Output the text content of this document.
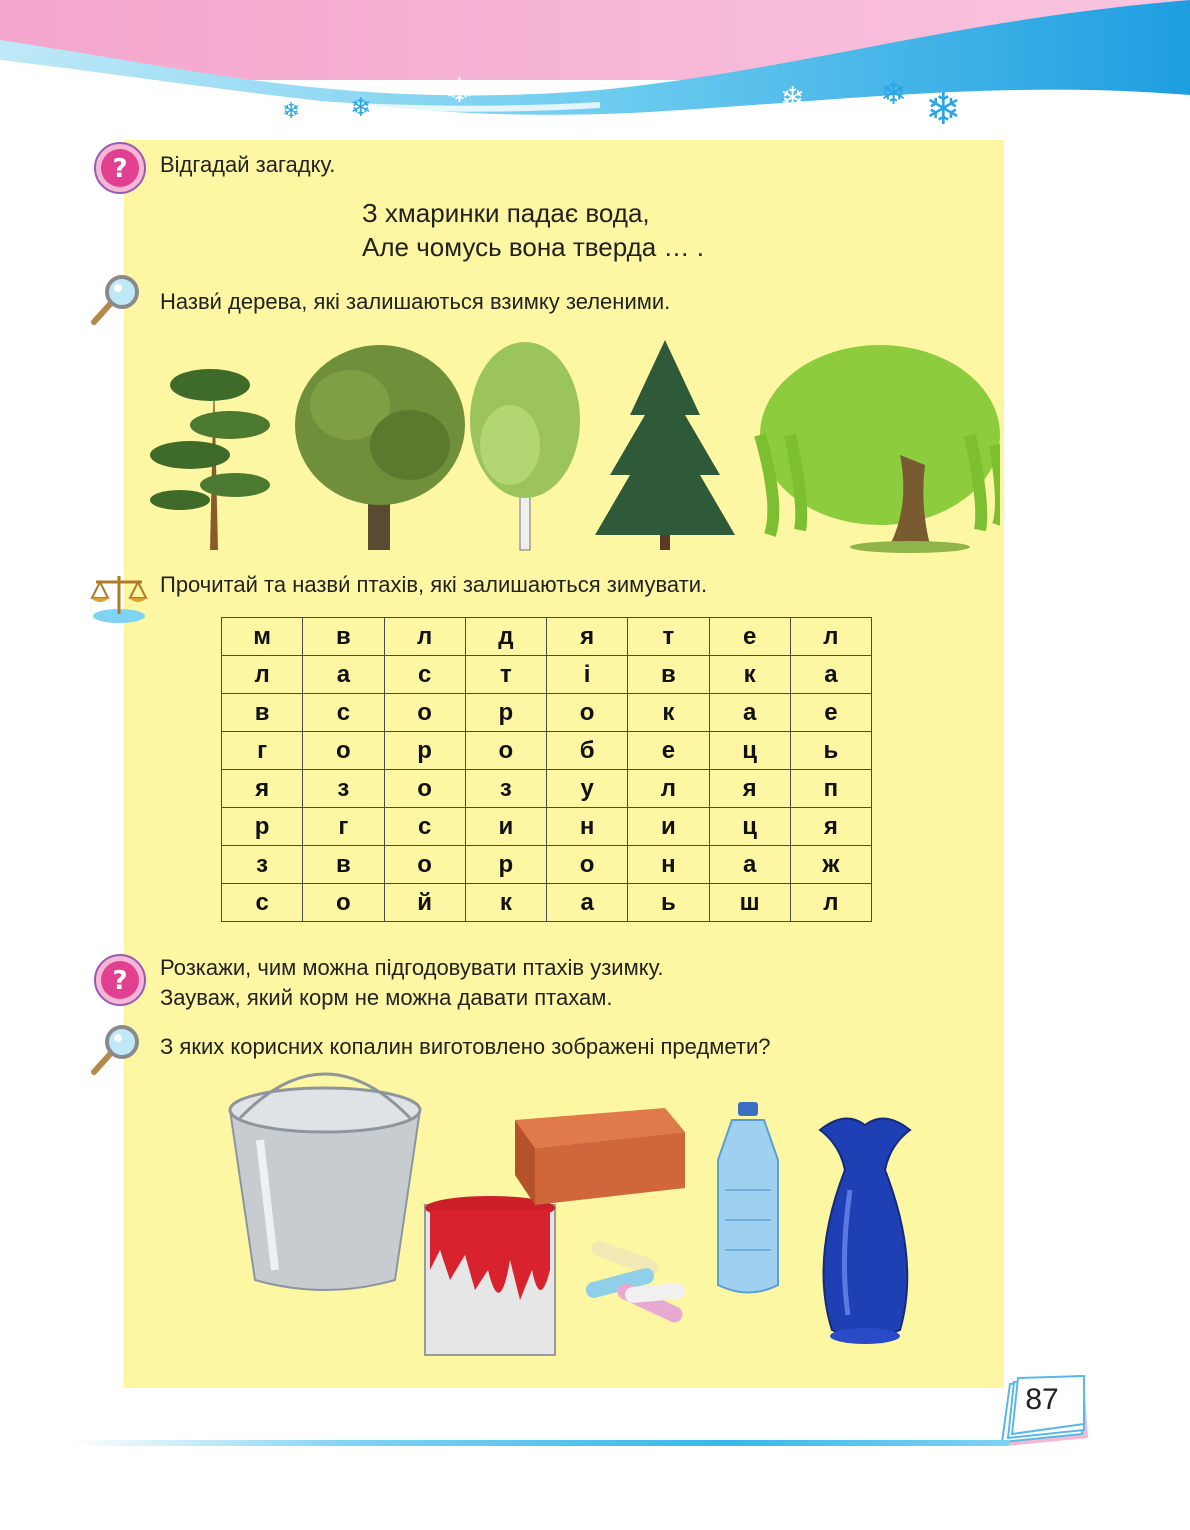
❄ ❄ ❄	❄ ❄ ❄
? Відгадай загадку.
З хмаринки падає вода,
Але чомусь вона тверда … .
Назви́ дерева, які залишаються взимку зеленими.
Прочитай та назви́ птахів, які залишаються зимувати.
м	в	л	д	я	т	е	л
л	а	с	т	і	в	к	а
в	с	о	р	о	к	а	е
г	о	р	о	б	е	ц	ь
я	з	о	з	у	л	я	п
р	г	с	и	н	и	ц	я
з	в	о	р	о	н	а	ж
с	о	й	к	а	ь	ш	л
? Розкажи, чим можна підгодовувати птахів узимку.
Зауваж, який корм не можна давати птахам.
З яких корисних копалин виготовлено зображені предмети?
87
